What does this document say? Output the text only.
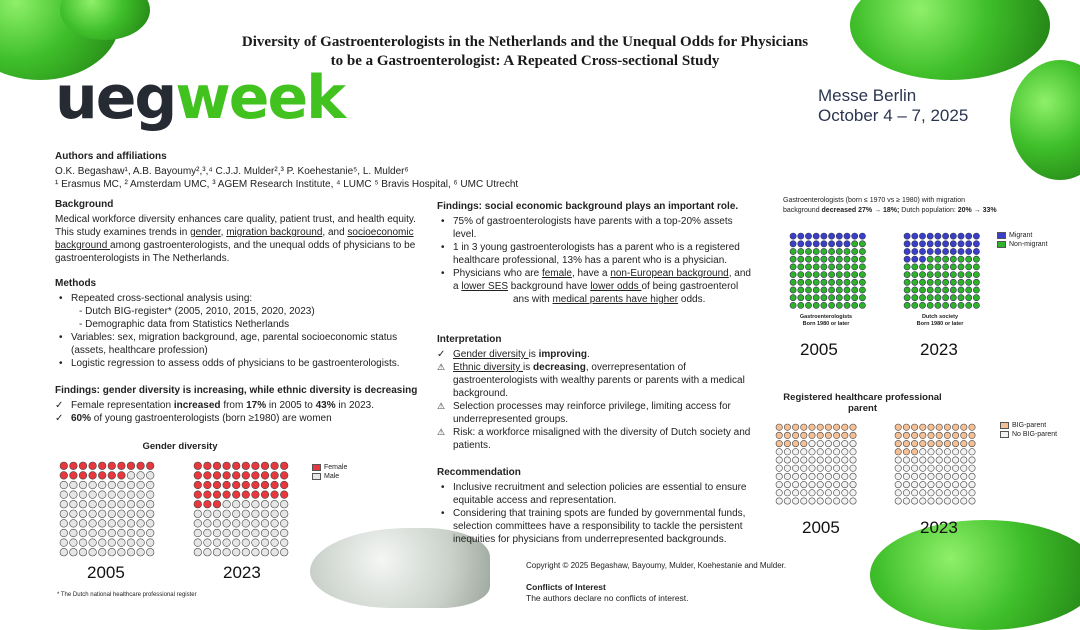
Diversity of Gastroenterologists in the Netherlands and the Unequal Odds for Physicians
to be a Gastroenterologist: A Repeated Cross-sectional Study
uegweek	Messe Berlin
October 4 – 7, 2025
Authors and affiliations
O.K. Begashaw¹, A.B. Bayoumy²,³,⁴ C.J.J. Mulder²,³ P. Koehestanie⁵, L. Mulder⁶
¹ Erasmus MC, ² Amsterdam UMC, ³ AGEM Research Institute, ⁴ LUMC ⁵ Bravis Hospital, ⁶ UMC Utrecht
Background

Medical workforce diversity enhances care quality, patient trust, and health equity. This study examines trends in gender, migration background, and socioeconomic background among gastroenterologists, and the unequal odds of physicians to be gastroenterologists in The Netherlands.

Methods
• Repeated cross-sectional analysis using:
- Dutch BIG-register* (2005, 2010, 2015, 2020, 2023)
- Demographic data from Statistics Netherlands
• Variables: sex, migration background, age, parental socioeconomic status (assets, healthcare profession)
• Logistic regression to assess odds of physicians to be gastroenterologists.
Findings: gender diversity is increasing, while ethnic diversity is decreasing
✓ Female representation increased from 17% in 2005 to 43% in 2023.
✓ 60% of young gastroenterologists (born ≥1980) are women
Gender diversity
Female
Male
2005	2023
* The Dutch national healthcare professional register
Findings: social economic background plays an important role.
• 75% of gastroenterologists have parents with a top-20% assets level.
• 1 in 3 young gastroenterologists has a parent who is a registered healthcare professional, 13% has a parent who is a physician.
• Physicians who are female, have a non-European background, and a lower SES background have lower odds of being gastroenterolans with medical parents have higher odds.
Interpretation
✓ Gender diversity is improving.
⚠ Ethnic diversity is decreasing, overrepresentation of gastroenterologists with wealthy parents or parents with a medical background.
⚠ Selection processes may reinforce privilege, limiting access for underrepresented groups.
⚠ Risk: a workforce misaligned with the diversity of Dutch society and patients.
Recommendation
• Inclusive recruitment and selection policies are essential to ensure equitable access and representation.
• Considering that training spots are funded by governmental funds, selection committees have a responsibility to tackle the persistent inequities for physicians from underrepresented backgrounds.
Gastroenterologists (born ≤ 1970 vs ≥ 1980) with migration
background decreased 27% → 18%; Dutch population: 20% → 33%
Migrant
Non-migrant
Gastroenterologists
Born 1980 or later
Dutch society
Born 1980 or later
2005	2023
Registered healthcare professional
parent
BIG-parent
No BIG-parent
2005	2023
Copyright © 2025 Begashaw, Bayoumy, Mulder, Koehestanie and Mulder.
Conflicts of Interest
The authors declare no conflicts of interest.
